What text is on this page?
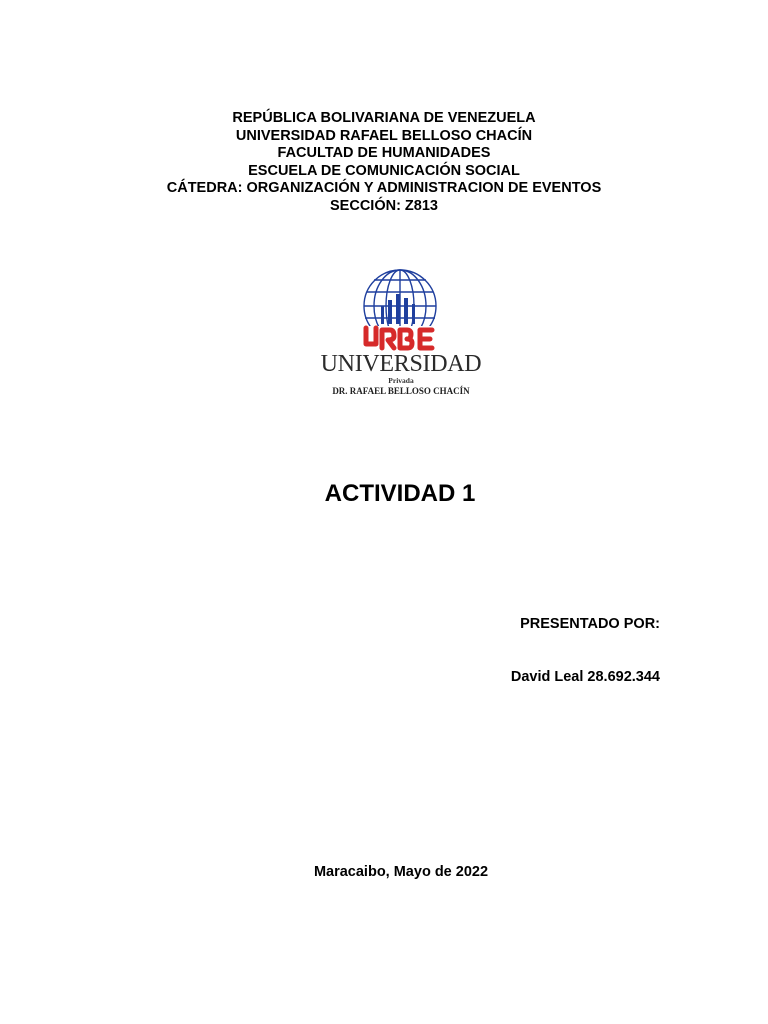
REPÚBLICA BOLIVARIANA DE VENEZUELA
UNIVERSIDAD RAFAEL BELLOSO CHACÍN
FACULTAD DE HUMANIDADES
ESCUELA DE COMUNICACIÓN SOCIAL
CÁTEDRA: ORGANIZACIÓN Y ADMINISTRACION DE EVENTOS
SECCIÓN: Z813
UNIVERSIDAD
Privada
DR. RAFAEL BELLOSO CHACÍN
ACTIVIDAD 1
PRESENTADO POR:
David Leal 28.692.344
Maracaibo, Mayo de 2022
